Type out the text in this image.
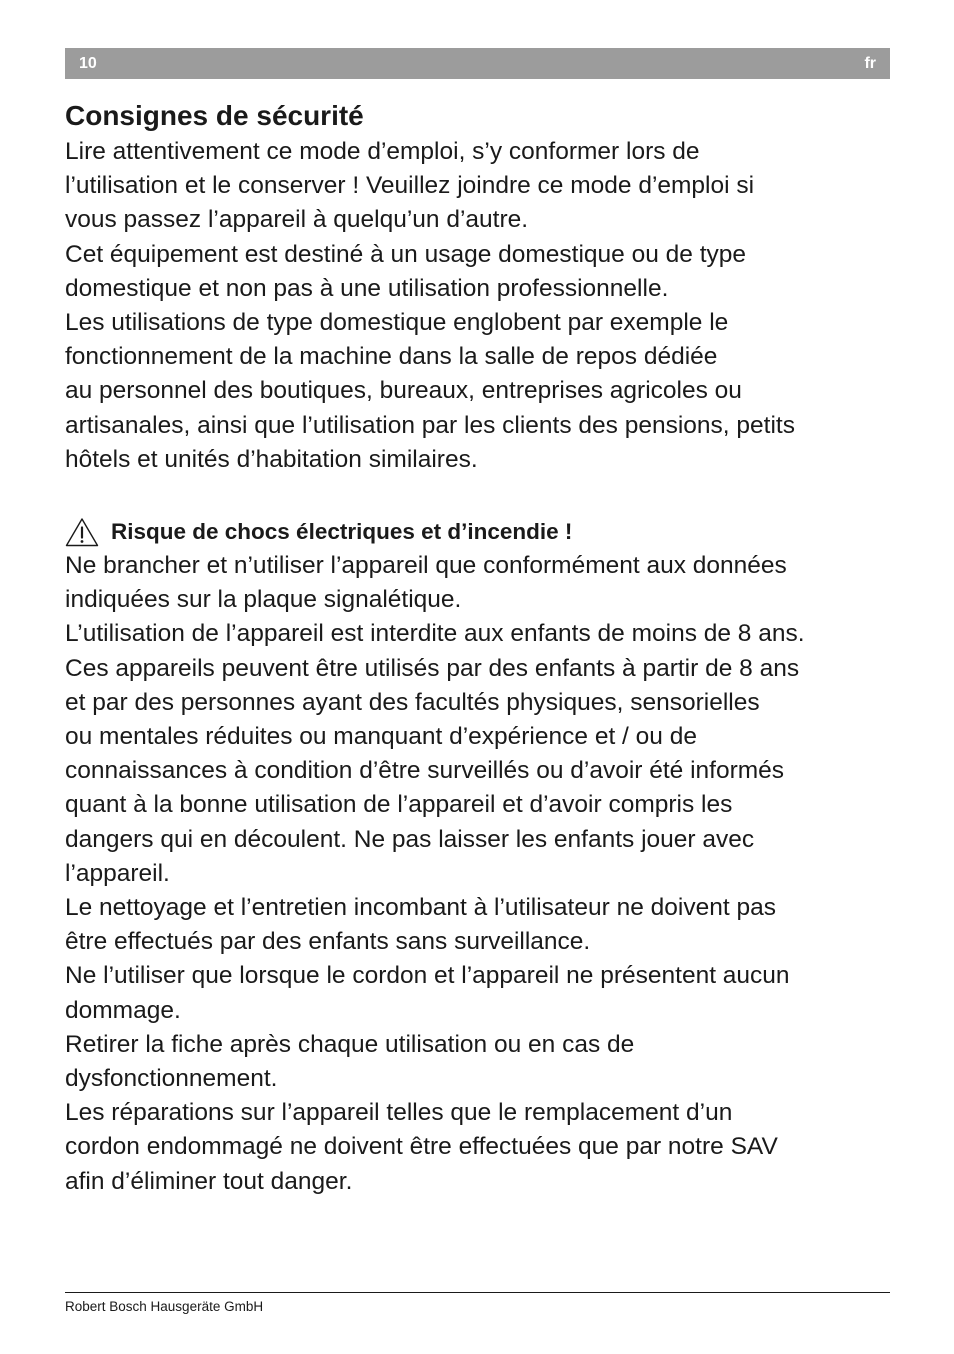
10	fr
Consignes de sécurité

Lire attentivement ce mode d’emploi, s’y conformer lors de
l’utilisation et le conserver ! Veuillez joindre ce mode d’emploi si
vous passez l’appareil à quelqu’un d’autre.

Cet équipement est destiné à un usage domestique ou de type
domestique et non pas à une utilisation professionnelle.

Les utilisations de type domestique englobent par exemple le
fonctionnement de la machine dans la salle de repos dédiée
au personnel des boutiques, bureaux, entreprises agricoles ou
artisanales, ainsi que l’utilisation par les clients des pensions, petits
hôtels et unités d’habitation similaires.

Risque de chocs électriques et d’incendie !

Ne brancher et n’utiliser l’appareil que conformément aux données
indiquées sur la plaque signalétique.

L’utilisation de l’appareil est interdite aux enfants de moins de 8 ans.

Ces appareils peuvent être utilisés par des enfants à partir de 8 ans
et par des personnes ayant des facultés physiques, sensorielles
ou mentales réduites ou manquant d’expérience et / ou de
connaissances à condition d’être surveillés ou d’avoir été informés
quant à la bonne utilisation de l’appareil et d’avoir compris les
dangers qui en découlent. Ne pas laisser les enfants jouer avec
l’appareil.

Le nettoyage et l’entretien incombant à l’utilisateur ne doivent pas
être effectués par des enfants sans surveillance.

Ne l’utiliser que lorsque le cordon et l’appareil ne présentent aucun
dommage.

Retirer la fiche après chaque utilisation ou en cas de
dysfonctionnement.

Les réparations sur l’appareil telles que le remplacement d’un
cordon endommagé ne doivent être effectuées que par notre SAV
afin d’éliminer tout danger.

Robert Bosch Hausgeräte GmbH
